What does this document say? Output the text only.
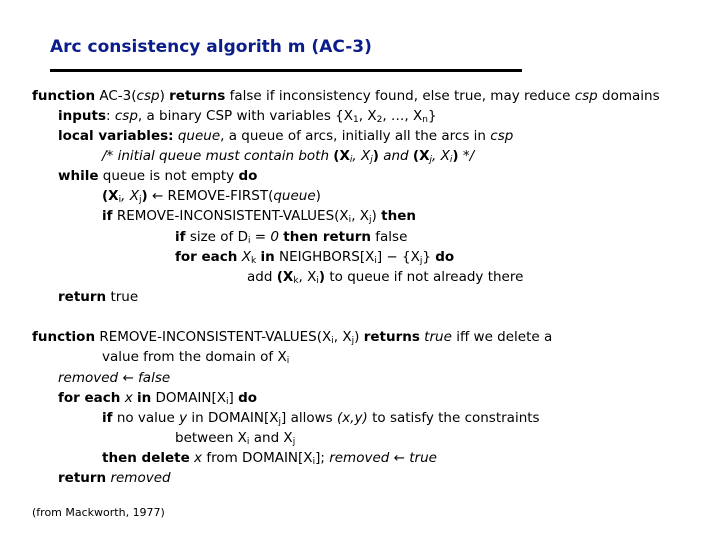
Arc consistency algorith m (AC-3)
function AC-3(csp) returns false if inconsistency found, else true, may reduce csp domains
inputs: csp, a binary CSP with variables {$X_1$, $X_2$, …, $X_n$}
local variables: queue, a queue of arcs, initially all the arcs in csp
/* initial queue must contain both ($X_i$, $X_j$) and ($X_j$, $X_i$) */
while queue is not empty do
($X_i$, $X_j$) ← REMOVE-FIRST(queue)
if REMOVE-$INCONSISTENT-VALUES(X_i$, $X_j$) then
if size of $D_i = 0$ then return false
for each $X_k$ in $NEIGHBORS[X_i] - \{X_j\}$ do
add ($X_k$, $X_i$) to queue if not already there
return true
function REMOVE-$INCONSISTENT-VALUES(X_i$, $X_j$) returns true iff we delete a
value from the domain of $X_i$
removed ← false
for each x in $DOMAIN[X_i]$ do
if no value y in $DOMAIN[X_j]$ allows (x,y) to satisfy the constraints
between $X_i$ and $X_j$
then delete x from $DOMAIN[X_i]$; removed ← true
return removed
(from Mackworth, 1977)
